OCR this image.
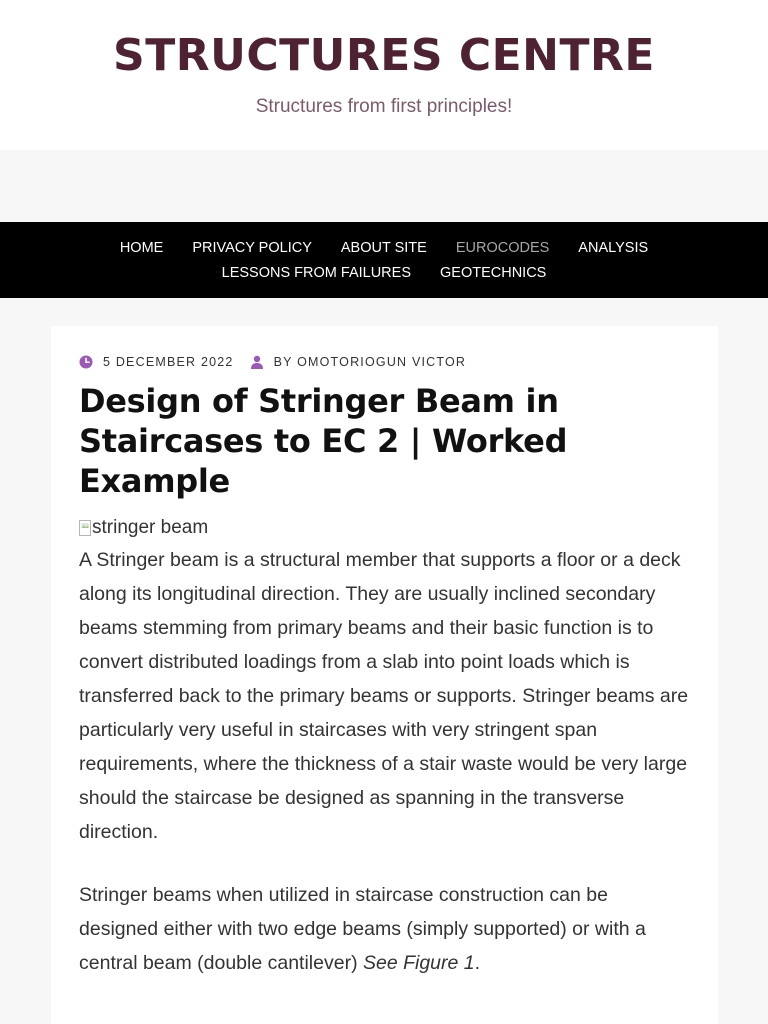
STRUCTURES CENTRE
Structures from first principles!
HOME	PRIVACY POLICY	ABOUT SITE	EUROCODES	ANALYSIS
LESSONS FROM FAILURES	GEOTECHNICS
5 DECEMBER 2022	BY OMOTORIOGUN VICTOR
Design of Stringer Beam in Staircases to EC 2 | Worked Example
stringer beam

A Stringer beam is a structural member that supports a floor or a deck along its longitudinal direction. They are usually inclined secondary beams stemming from primary beams and their basic function is to convert distributed loadings from a slab into point loads which is transferred back to the primary beams or supports. Stringer beams are particularly very useful in staircases with very stringent span requirements, where the thickness of a stair waste would be very large should the staircase be designed as spanning in the transverse direction.

Stringer beams when utilized in staircase construction can be designed either with two edge beams (simply supported) or with a central beam (double cantilever) See Figure 1.
